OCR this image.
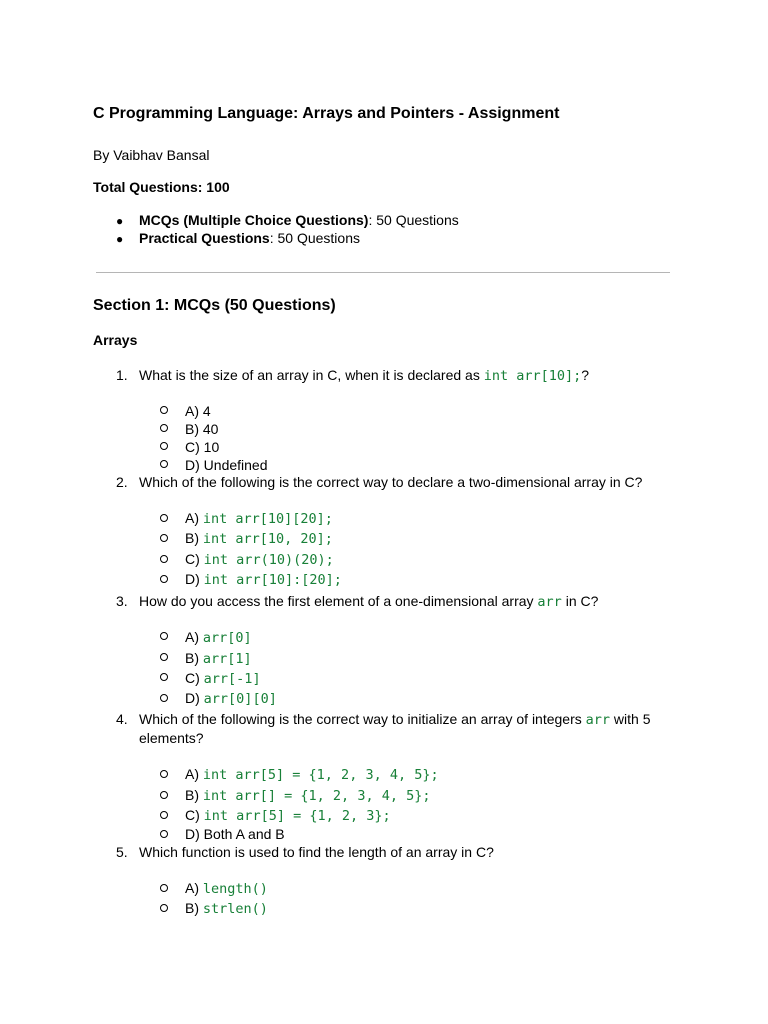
C Programming Language: Arrays and Pointers - Assignment
By Vaibhav Bansal
Total Questions: 100
● MCQs (Multiple Choice Questions): 50 Questions
● Practical Questions: 50 Questions
Section 1: MCQs (50 Questions)
Arrays
1. What is the size of an array in C, when it is declared as int arr[10];?
A) 4
B) 40
C) 10
D) Undefined
2. Which of the following is the correct way to declare a two-dimensional array in C?
A) int arr[10][20];
B) int arr[10, 20];
C) int arr(10)(20);
D) int arr[10]:[20];
3. How do you access the first element of a one-dimensional array arr in C?
A) arr[0]
B) arr[1]
C) arr[-1]
D) arr[0][0]
4. Which of the following is the correct way to initialize an array of integers arr with 5 elements?
A) int arr[5] = {1, 2, 3, 4, 5};
B) int arr[] = {1, 2, 3, 4, 5};
C) int arr[5] = {1, 2, 3};
D) Both A and B
5. Which function is used to find the length of an array in C?
A) length()
B) strlen()
